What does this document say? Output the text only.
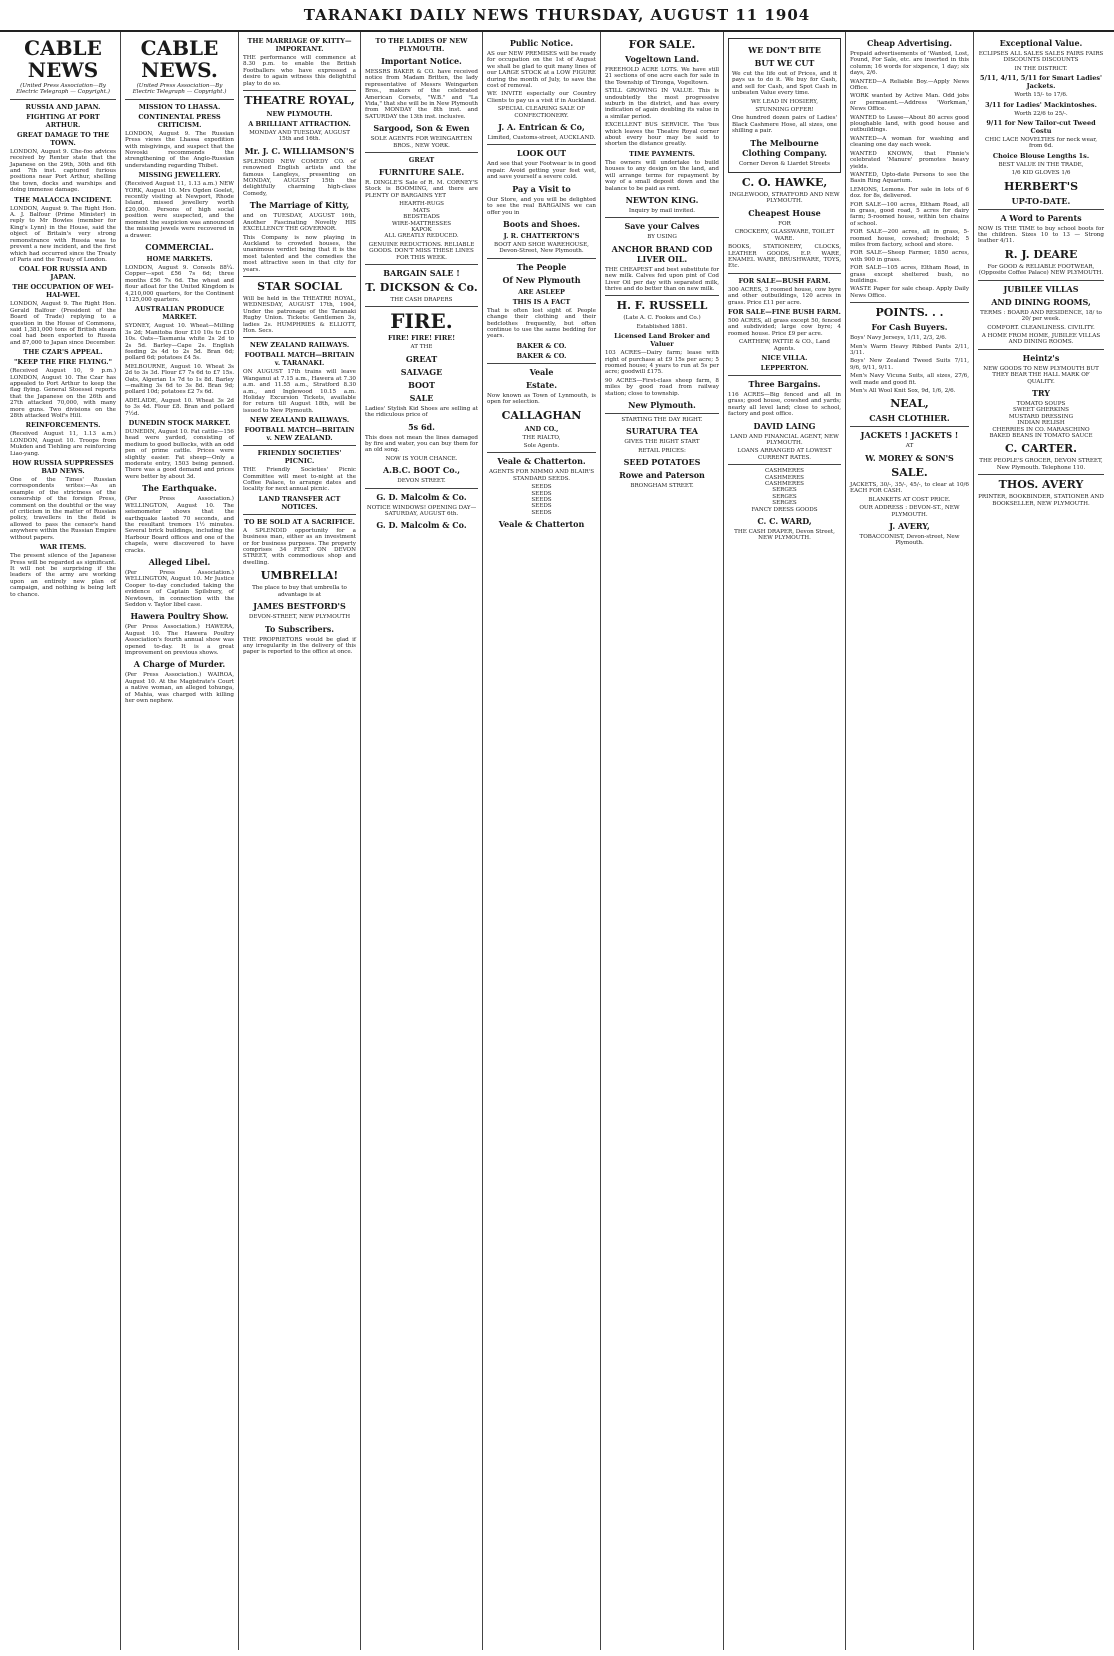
TARANAKI DAILY NEWS THURSDAY, AUGUST 11 1904
CABLE NEWS
(United Press Association—By Electric Telegraph — Copyright.)
RUSSIA AND JAPAN.
FIGHTING AT PORT ARTHUR.
GREAT DAMAGE TO THE TOWN.
LONDON, August 9. Che-foo advices received by Renter state that the Japanese on the 29th, 30th and 6th and 7th inst. captured furious positions near Port Arthur, shelling the town, docks and warships and doing immense damage.
THE MALACCA INCIDENT.
LONDON, August 9. The Right Hon. A. J. Balfour (Prime Minister) in reply to Mr Bowles (member for King's Lynn) in the House, said the object of Britain's very strong remonstrance with Russia was to prevent a new incident, and the first which had occurred since the Treaty of Paris and the Treaty of London.
COAL FOR RUSSIA AND JAPAN.
THE OCCUPATION OF WEI-HAI-WEI.
LONDON, August 9. The Right Hon. Gerald Balfour (President of the Board of Trade) replying to a question in the House of Commons, said 1,381,000 tons of British steam coal had been exported to Russia and 87,000 to Japan since December.
THE CZAR'S APPEAL.
"KEEP THE FIRE FLYING."
(Received August 10, 9 p.m.) LONDON, August 10. The Czar has appealed to Port Arthur to keep the flag flying. General Stoessel reports that the Japanese on the 26th and 27th attacked 70,000, with many more guns. Two divisions on the 28th attacked Wolf's Hill.
REINFORCEMENTS.
(Received August 11, 1.13 a.m.) LONDON, August 10. Troops from Mukden and Tiehling are reinforcing Liao-yang.
HOW RUSSIA SUPPRESSES BAD NEWS.
One of the Times' Russian correspondents writes:—As an example of the strictness of the censorship of the foreign Press, comment on the doubtful or the way of criticism in the matter of Russian policy, travellers in the field is allowed to pass the censor's hand anywhere within the Russian Empire without papers.
WAR ITEMS.
The present silence of the Japanese Press will be regarded as significant. It will not be surprising if the leaders of the army are working upon an entirely new plan of campaign, and nothing is being left to chance.
CABLE NEWS.
(United Press Association—By Electric Telegraph — Copyright.)
MISSION TO LHASSA.
CONTINENTAL PRESS CRITICISM.
LONDON, August 9. The Russian Press views the Lhassa expedition with misgivings, and suspect that the Novoski recommends the strengthening of the Anglo-Russian understanding regarding Thibet.
MISSING JEWELLERY.
(Received August 11, 1.13 a.m.) NEW YORK, August 10. Mrs Ogden Goelet, recently visiting at Newport, Rhode Island, missed jewellery worth £20,000. Persons of high social position were suspected, and the moment the suspicion was announced the missing jewels were recovered in a drawer.
COMMERCIAL.
HOME MARKETS.
LONDON, August 9. Consols 88¼. Copper—spot £56 7s 6d; three months £56 7s 6d. The wheat and flour afloat for the United Kingdom is 4,210,000 quarters, for the Continent 1125,000 quarters.
AUSTRALIAN PRODUCE MARKET.
SYDNEY, August 10. Wheat—Milling 3s 2d; Manitoba flour £10 10s to £10 10s. Oats—Tasmania white 2s 2d to 2s 5d. Barley—Cape 2s. English feeding 2s 4d to 2s 5d. Bran 6d; pollard 6d; potatoes £4 5s.
MELBOURNE, August 10. Wheat 3s 2d to 3s 3d. Flour £7 7s 6d to £7 15s. Oats, Algerian 1s 7d to 1s 8d. Barley—malting 3s 6d to 3s 8d. Bran 9d; pollard 10d; potatoes £2 7s 6d.
ADELAIDE, August 10. Wheat 3s 2d to 3s 4d. Flour £8. Bran and pollard 7½d.
DUNEDIN STOCK MARKET.
DUNEDIN, August 10. Fat cattle—156 head were yarded, consisting of medium to good bullocks, with an odd pen of prime cattle. Prices were slightly easier. Fat sheep—Only a moderate entry, 1503 being penned. There was a good demand and prices were better by about 3d.
The Earthquake.
(Per Press Association.) WELLINGTON, August 10. The seismometer shows that the earthquake lasted 70 seconds, and the resultant tremors 1½ minutes. Several brick buildings, including the Harbour Board offices and one of the chapels, were discovered to have cracks.
Alleged Libel.
(Per Press Association.) WELLINGTON, August 10. Mr Justice Cooper to-day concluded taking the evidence of Captain Spilsbury, of Newtown, in connection with the Seddon v. Taylor libel case.
Hawera Poultry Show.
(Per Press Association.) HAWERA, August 10. The Hawera Poultry Association's fourth annual show was opened to-day. It is a great improvement on previous shows.
A Charge of Murder.
(Per Press Association.) WAIROA, August 10. At the Magistrate's Court a native woman, an alleged tohunga, of Mahia, was charged with killing her own nephew.
THE MARRIAGE OF KITTY—IMPORTANT.
THE performance will commence at 8.30 p.m. to enable the British Footballers who have expressed a desire to again witness this delightful play to do so.
THEATRE ROYAL,
NEW PLYMOUTH.
A BRILLIANT ATTRACTION.
MONDAY AND TUESDAY, AUGUST 15th and 16th.
Mr. J. C. WILLIAMSON'S
SPLENDID NEW COMEDY CO. of renowned English artists and the famous Langleys, presenting on MONDAY, AUGUST 15th the delightfully charming high-class Comedy,
The Marriage of Kitty,
and on TUESDAY, AUGUST 16th, Another Fascinating Novelty HIS EXCELLENCY THE GOVERNOR.
This Company is now playing in Auckland to crowded houses, the unanimous verdict being that it is the most talented and the comedies the most attractive seen in that city for years.
STAR SOCIAL
Will be held in the THEATRE ROYAL, WEDNESDAY, AUGUST 17th, 1904, Under the patronage of the Taranaki Rugby Union. Tickets: Gentlemen 3s, ladies 2s. HUMPHRIES & ELLIOTT, Hon. Secs.
NEW ZEALAND RAILWAYS.
FOOTBALL MATCH—BRITAIN v. TARANAKI.
ON AUGUST 17th trains will leave Wanganui at 7.15 a.m., Hawera at 7.30 a.m. and 11.55 a.m., Stratford 8.30 a.m., and Inglewood 10.15 a.m. Holiday Excursion Tickets, available for return till August 18th, will be issued to New Plymouth.
NEW ZEALAND RAILWAYS.
FOOTBALL MATCH—BRITAIN v. NEW ZEALAND.
FRIENDLY SOCIETIES' PICNIC.
THE Friendly Societies' Picnic Committee will meet to-night at the Coffee Palace, to arrange dates and locality for next annual picnic.
LAND TRANSFER ACT NOTICES.
TO BE SOLD AT A SACRIFICE.
A SPLENDID opportunity for a business man, either as an investment or for business purposes. The property comprises 34 FEET ON DEVON STREET, with commodious shop and dwelling.
UMBRELLA!
The place to buy that umbrella to advantage is at
JAMES BESTFORD'S
DEVON-STREET, NEW PLYMOUTH
To Subscribers.
THE PROPRIETORS would be glad if any irregularity in the delivery of this paper is reported to the office at once.
TO THE LADIES OF NEW PLYMOUTH.
Important Notice.
MESSRS BAKER & CO. have received notice from Madam Britten, the lady representative of Messrs Weingarten Bros., makers of the celebrated American Corsets, "W.B." and "La Vida," that she will be in New Plymouth from MONDAY the 8th inst. and SATURDAY the 13th inst. inclusive.
Sargood, Son & Ewen
SOLE AGENTS FOR WEINGARTEN BROS., NEW YORK.
GREAT
FURNITURE SALE.
R. DINGLE'S Sale of R. M. CORNEY'S Stock is BOOMING, and there are PLENTY OF BARGAINS YET
HEARTH-RUGS
MATS
BEDSTEADS
WIRE-MATTRESSES
KAPOK
ALL GREATLY REDUCED.
GENUINE REDUCTIONS. RELIABLE GOODS. DON'T MISS THESE LINES FOR THIS WEEK.
BARGAIN SALE !
T. DICKSON & Co.
THE CASH DRAPERS
FIRE.
FIRE! FIRE! FIRE!
AT THE
GREAT
SALVAGE
BOOT
SALE
Ladies' Stylish Kid Shoes are selling at the ridiculous price of
5s 6d.
This does not mean the lines damaged by fire and water, you can buy them for an old song.
NOW IS YOUR CHANCE.
A.B.C. BOOT Co.,
DEVON STREET.
G. D. Malcolm & Co.
NOTICE WINDOWS! OPENING DAY—SATURDAY, AUGUST 6th.
G. D. Malcolm & Co.
Public Notice.
AS our NEW PREMISES will be ready for occupation on the 1st of August we shall be glad to quit many lines of our LARGE STOCK at a LOW FIGURE during the month of July, to save the cost of removal.
WE INVITE especially our Country Clients to pay us a visit if in Auckland.
SPECIAL CLEARING SALE OF CONFECTIONERY.
J. A. Entrican & Co,
Limited, Customs-street, AUCKLAND.
LOOK OUT
And see that your Footwear is in good repair. Avoid getting your feet wet, and save yourself a severe cold.
Pay a Visit to
Our Store, and you will be delighted to see the real BARGAINS we can offer you in
Boots and Shoes.
J. R. CHATTERTON'S
BOOT AND SHOE WAREHOUSE, Devon-Street, New Plymouth.
The People
Of New Plymouth
ARE ASLEEP
THIS IS A FACT
That is often lost sight of. People change their clothing and their bedclothes frequently, but often continue to use the same bedding for years.
BAKER & CO.
BAKER & CO.
Veale
Estate.
Now known as Town of Lynmouth, is open for selection.
CALLAGHAN
AND CO.,
THE RIALTO,
Sole Agents.
Veale & Chatterton.
AGENTS FOR NIMMO AND BLAIR'S STANDARD SEEDS.
SEEDS
SEEDS
SEEDS
SEEDS
SEEDS
Veale & Chatterton
FOR SALE.
Vogeltown Land.
FREEHOLD ACRE LOTS. We have still 21 sections of one acre each for sale in the Township of Tironga, Vogeltown.
STILL GROWING IN VALUE. This is undoubtedly the most progressive suburb in the district, and has every indication of again doubling its value in a similar period.
EXCELLENT BUS SERVICE. The 'bus which leaves the Theatre Royal corner about every hour may be said to shorten the distance greatly.
TIME PAYMENTS.
The owners will undertake to build houses to any design on the land, and will arrange terms for repayment by way of a small deposit down and the balance to be paid as rent.
NEWTON KING.
Inquiry by mail invited.
Save your Calves
BY USING
ANCHOR BRAND COD LIVER OIL.
THE CHEAPEST and best substitute for new milk. Calves fed upon pint of Cod Liver Oil per day with separated milk, thrive and do better than on new milk.
H. F. RUSSELL
(Late A. C. Fookes and Co.)
Established 1881.
Licensed Land Broker and Valuer
103 ACRES—Dairy farm; lease with right of purchase at £9 15s per acre; 5 roomed house; 4 years to run at 5s per acre; goodwill £175.
90 ACRES—First-class sheep farm, 8 miles by good road from railway station; close to township.
New Plymouth.
STARTING THE DAY RIGHT.
SURATURA TEA
GIVES THE RIGHT START
RETAIL PRICES:
SEED POTATOES
Rowe and Paterson
BRONGHAM STREET.
WE DON'T BITE
BUT WE CUT
We cut the life out of Prices, and it pays us to do it. We buy for Cash, and sell for Cash, and Spot Cash in unbeaten Value every time.
WE LEAD IN HOSIERY,
STUNNING OFFER!
One hundred dozen pairs of Ladies' Black Cashmere Hose, all sizes, one shilling a pair.
The Melbourne Clothing Company.
Corner Devon & Liardet Streets
C. O. HAWKE,
INGLEWOOD, STRATFORD AND NEW PLYMOUTH.
Cheapest House
FOR
CROCKERY, GLASSWARE, TOILET WARE.
BOOKS, STATIONERY, CLOCKS, LEATHER GOODS, E.P. WARE, ENAMEL WARE, BRUSHWARE, TOYS, Etc.
FOR SALE—BUSH FARM.
300 ACRES, 3 roomed house, cow byre and other outbuildings, 120 acres in grass. Price £11 per acre.
FOR SALE—FINE BUSH FARM.
500 ACRES, all grass except 50, fenced and subdivided; large cow byre; 4 roomed house. Price £9 per acre.
CARTHEW, PATTIE & CO., Land Agents.
NICE VILLA.
LEPPERTON.
Three Bargains.
116 ACRES—Big fenced and all in grass; good house, cowshed and yards; nearly all level land; close to school, factory and post office.
DAVID LAING
LAND AND FINANCIAL AGENT, NEW PLYMOUTH.
LOANS ARRANGED AT LOWEST CURRENT RATES.
CASHMERES
CASHMERES
CASHMERES
SERGES
SERGES
SERGES
FANCY DRESS GOODS
C. C. WARD,
THE CASH DRAPER, Devon Street, NEW PLYMOUTH.
Cheap Advertising.
Prepaid advertisements of 'Wanted, Lost, Found, For Sale, etc. are inserted in this column; 16 words for sixpence, 1 day; six days, 2/6.
WANTED—A Reliable Boy.—Apply News Office.
WORK wanted by Active Man. Odd jobs or permanent.—Address 'Workman,' News Office.
WANTED to Lease—About 80 acres good ploughable land, with good house and outbuildings.
WANTED—A woman for washing and cleaning one day each week.
WANTED KNOWN, that Finnie's celebrated 'Manure' promotes heavy yields.
WANTED, Upto-date Persons to see the Basin Ring Aquarium.
LEMONS, Lemons. For sale in lots of 6 doz. for 8s, delivered.
FOR SALE—100 acres, Eltham Road, all in grass, good road, 5 acres for dairy farm; 5-roomed house, within ten chains of school.
FOR SALE—200 acres, all in grass, 5-roomed house, cowshed; freehold; 5 miles from factory, school and store.
FOR SALE—Sheep Farmer, 1850 acres, with 900 in grass.
FOR SALE—105 acres, Eltham Road, in grass except sheltered bush, no buildings.
WASTE Paper for sale cheap. Apply Daily News Office.
POINTS. . .
For Cash Buyers.
Boys' Navy Jerseys, 1/11, 2/3, 2/6.
Men's Warm Heavy Ribbed Pants 2/11, 3/11.
Boys' New Zealand Tweed Suits 7/11, 9/6, 9/11, 9/11.
Men's Navy Vicuna Suits, all sizes, 27/6, well made and good fit.
Men's All Wool Knit Sox, 9d, 1/6, 2/6.
NEAL,
CASH CLOTHIER.
JACKETS ! JACKETS !
AT
W. MOREY & SON'S
SALE.
JACKETS, 30/-, 35/-, 45/-, to clear at 10/6 EACH FOR CASH.
BLANKETS AT COST PRICE.
OUR ADDRESS : DEVON-ST., NEW PLYMOUTH.
J. AVERY,
TOBACCONIST, Devon-street, New Plymouth.
Exceptional Value.
ECLIPSES ALL SALES SALES FAIRS FAIRS DISCOUNTS DISCOUNTS
IN THE DISTRICT.
5/11, 4/11, 5/11 for Smart Ladies' Jackets.
Worth 15/- to 17/6.
3/11 for Ladies' Mackintoshes.
Worth 22/6 to 25/-.
9/11 for New Tailor-cut Tweed Costu
CHIC LACE NOVELTIES for neck wear, from 6d.
Choice Blouse Lengths 1s.
BEST VALUE IN THE TRADE,
1/6 KID GLOVES 1/6
HERBERT'S
UP-TO-DATE.
A Word to Parents
NOW IS THE TIME to buy school boots for the children. Sizes 10 to 13 — Strong leather 4/11.
R. J. DEARE
For GOOD & RELIABLE FOOTWEAR, (Opposite Coffee Palace) NEW PLYMOUTH.
JUBILEE VILLAS
AND DINING ROOMS,
TERMS : BOARD AND RESIDENCE, 18/ to 20/ per week.
COMFORT. CLEANLINESS. CIVILITY.
A HOME FROM HOME, JUBILEE VILLAS AND DINING ROOMS.
Heintz's
NEW GOODS TO NEW PLYMOUTH BUT THEY BEAR THE HALL MARK OF QUALITY.
TRY
TOMATO SOUPS
SWEET GHERKINS
MUSTARD DRESSING
INDIAN RELISH
CHERRIES IN CO. MARASCHINO
BAKED BEANS IN TOMATO SAUCE
C. CARTER.
THE PEOPLE'S GROCER, DEVON STREET, New Plymouth. Telephone 110.
THOS. AVERY
PRINTER, BOOKBINDER, STATIONER AND BOOKSELLER, NEW PLYMOUTH.
